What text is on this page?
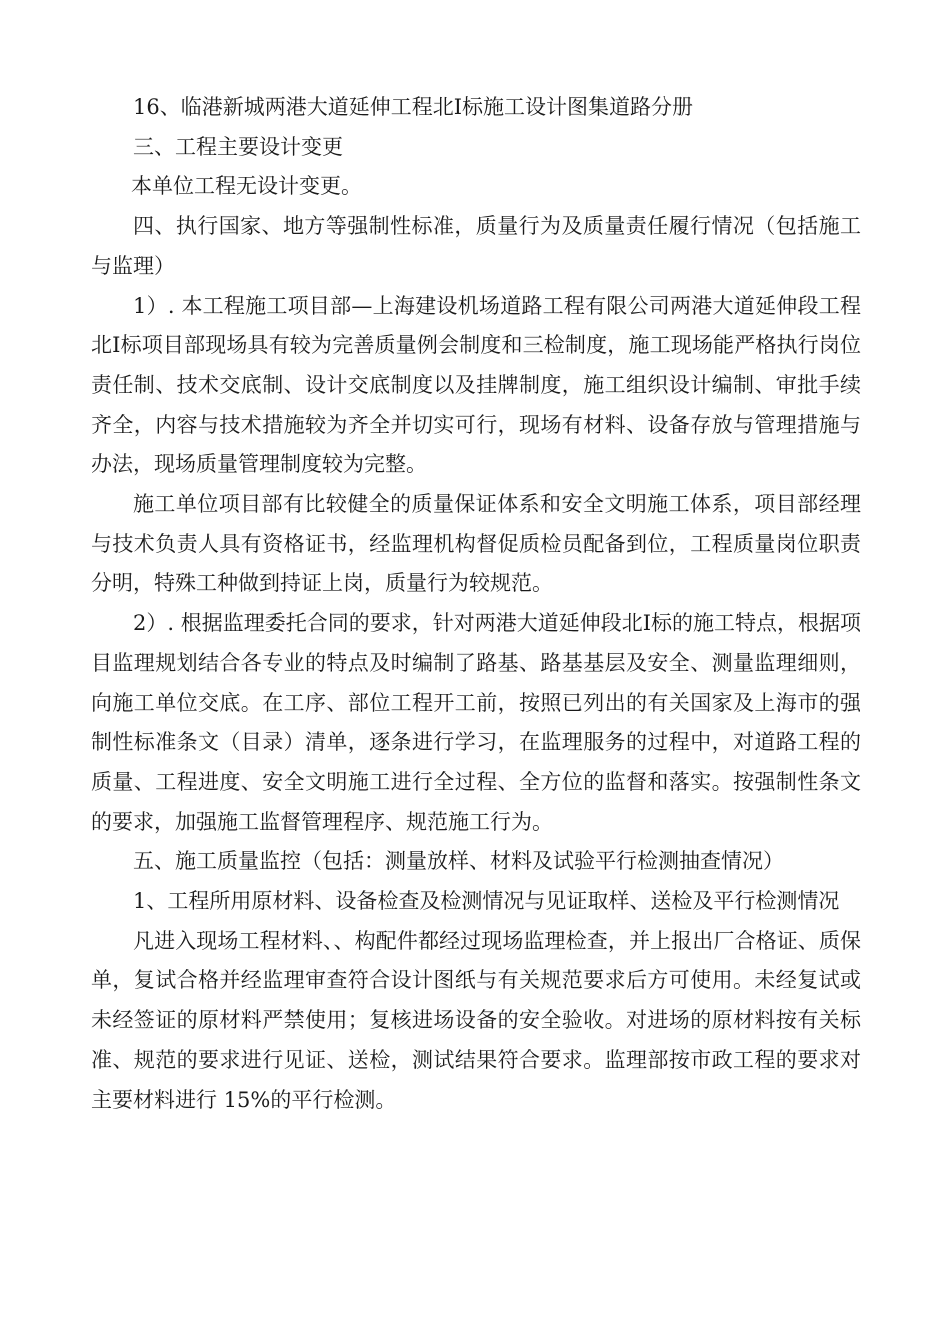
16、临港新城两港大道延伸工程北I标施工设计图集道路分册

三、工程主要设计变更

本单位工程无设计变更。

四、执行国家、地方等强制性标准，质量行为及质量责任履行情况（包括施工与监理）

1）. 本工程施工项目部—上海建设机场道路工程有限公司两港大道延伸段工程北I标项目部现场具有较为完善质量例会制度和三检制度，施工现场能严格执行岗位责任制、技术交底制、设计交底制度以及挂牌制度，施工组织设计编制、审批手续齐全，内容与技术措施较为齐全并切实可行，现场有材料、设备存放与管理措施与办法，现场质量管理制度较为完整。

施工单位项目部有比较健全的质量保证体系和安全文明施工体系，项目部经理与技术负责人具有资格证书，经监理机构督促质检员配备到位，工程质量岗位职责分明，特殊工种做到持证上岗，质量行为较规范。

2）. 根据监理委托合同的要求，针对两港大道延伸段北I标的施工特点，根据项目监理规划结合各专业的特点及时编制了路基、路基基层及安全、测量监理细则，向施工单位交底。在工序、部位工程开工前，按照已列出的有关国家及上海市的强制性标准条文（目录）清单，逐条进行学习，在监理服务的过程中，对道路工程的质量、工程进度、安全文明施工进行全过程、全方位的监督和落实。按强制性条文的要求，加强施工监督管理程序、规范施工行为。

五、施工质量监控（包括：测量放样、材料及试验平行检测抽查情况）

1、工程所用原材料、设备检查及检测情况与见证取样、送检及平行检测情况

凡进入现场工程材料、、构配件都经过现场监理检查，并上报出厂合格证、质保单，复试合格并经监理审查符合设计图纸与有关规范要求后方可使用。未经复试或未经签证的原材料严禁使用；复核进场设备的安全验收。对进场的原材料按有关标准、规范的要求进行见证、送检，测试结果符合要求。监理部按市政工程的要求对主要材料进行 15%的平行检测。
